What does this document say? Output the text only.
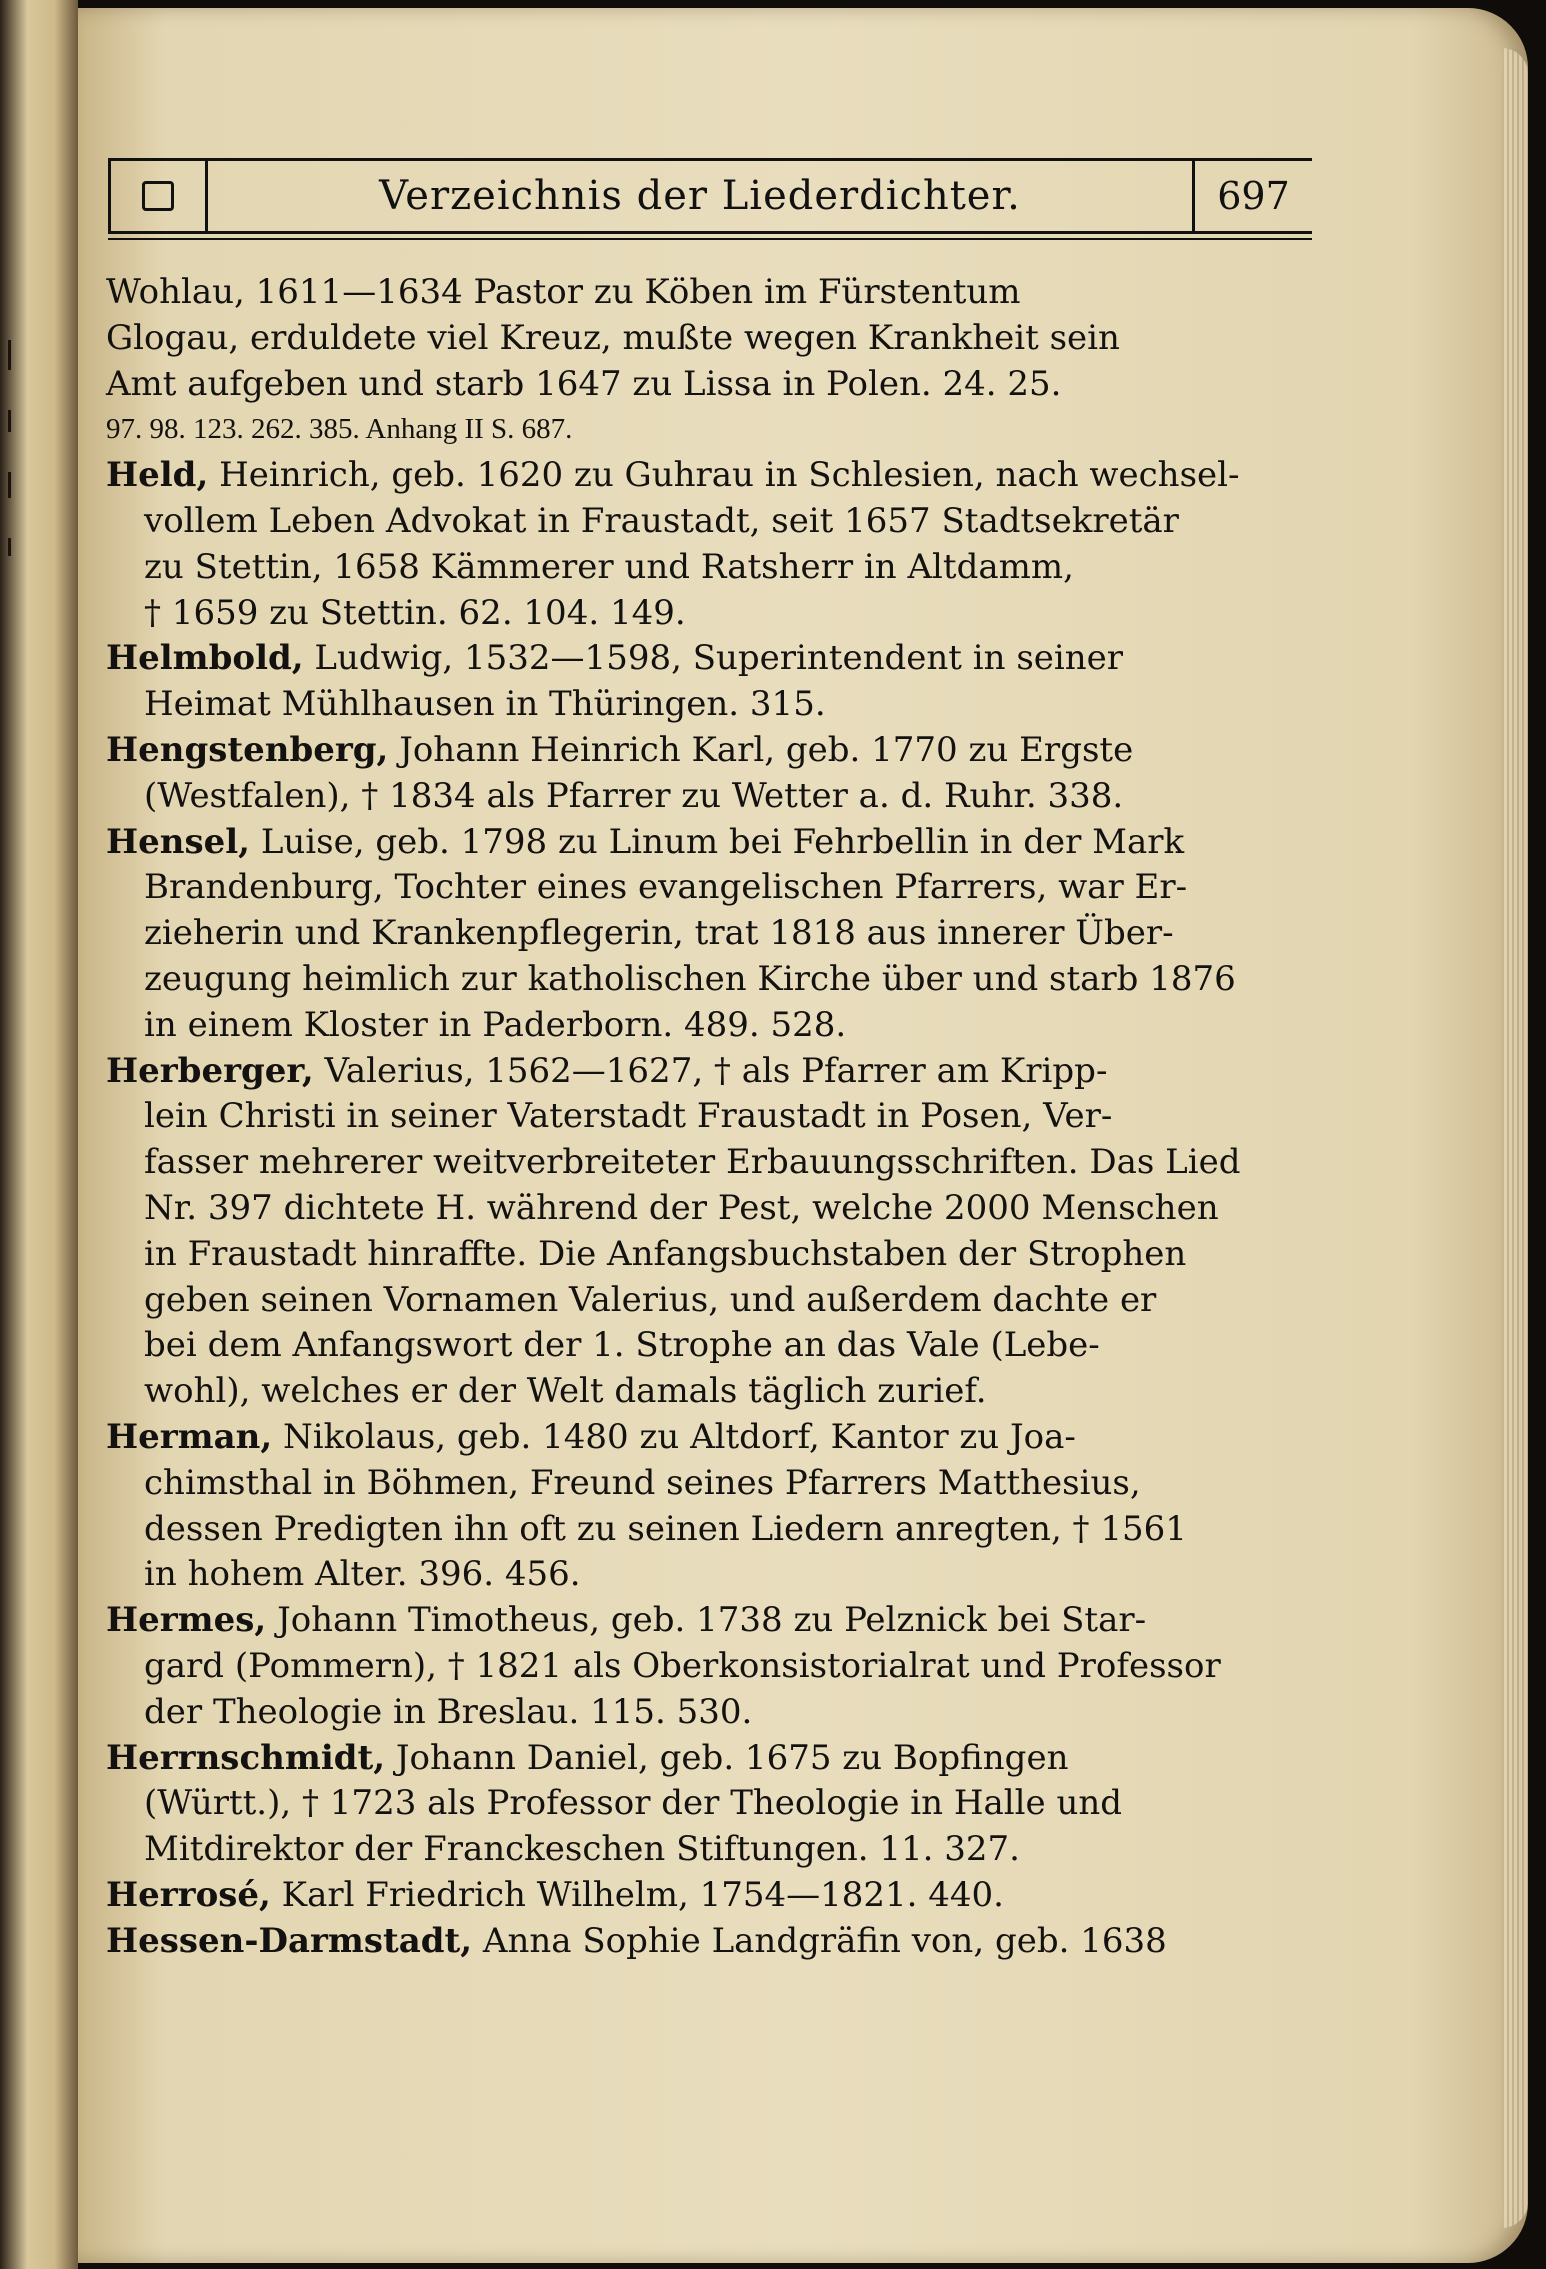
Verzeichnis der Liederdichter.	697
Wohlau, 1611—1634 Pastor zu Köben im Fürstentum
Glogau, erduldete viel Kreuz, mußte wegen Krankheit sein
Amt aufgeben und starb 1647 zu Lissa in Polen. 24. 25.
97. 98. 123. 262. 385. Anhang II S. 687.
Held, Heinrich, geb. 1620 zu Guhrau in Schlesien, nach wechsel-
vollem Leben Advokat in Fraustadt, seit 1657 Stadtsekretär
zu Stettin, 1658 Kämmerer und Ratsherr in Altdamm,
† 1659 zu Stettin. 62. 104. 149.
Helmbold, Ludwig, 1532—1598, Superintendent in seiner
Heimat Mühlhausen in Thüringen. 315.
Hengstenberg, Johann Heinrich Karl, geb. 1770 zu Ergste
(Westfalen), † 1834 als Pfarrer zu Wetter a. d. Ruhr. 338.
Hensel, Luise, geb. 1798 zu Linum bei Fehrbellin in der Mark
Brandenburg, Tochter eines evangelischen Pfarrers, war Er-
zieherin und Krankenpflegerin, trat 1818 aus innerer Über-
zeugung heimlich zur katholischen Kirche über und starb 1876
in einem Kloster in Paderborn. 489. 528.
Herberger, Valerius, 1562—1627, † als Pfarrer am Kripp-
lein Christi in seiner Vaterstadt Fraustadt in Posen, Ver-
fasser mehrerer weitverbreiteter Erbauungsschriften. Das Lied
Nr. 397 dichtete H. während der Pest, welche 2000 Menschen
in Fraustadt hinraffte. Die Anfangsbuchstaben der Strophen
geben seinen Vornamen Valerius, und außerdem dachte er
bei dem Anfangswort der 1. Strophe an das Vale (Lebe-
wohl), welches er der Welt damals täglich zurief.
Herman, Nikolaus, geb. 1480 zu Altdorf, Kantor zu Joa-
chimsthal in Böhmen, Freund seines Pfarrers Matthesius,
dessen Predigten ihn oft zu seinen Liedern anregten, † 1561
in hohem Alter. 396. 456.
Hermes, Johann Timotheus, geb. 1738 zu Pelznick bei Star-
gard (Pommern), † 1821 als Oberkonsistorialrat und Professor
der Theologie in Breslau. 115. 530.
Herrnschmidt, Johann Daniel, geb. 1675 zu Bopfingen
(Württ.), † 1723 als Professor der Theologie in Halle und
Mitdirektor der Franckeschen Stiftungen. 11. 327.
Herrosé, Karl Friedrich Wilhelm, 1754—1821. 440.
Hessen-Darmstadt, Anna Sophie Landgräfin von, geb. 1638
